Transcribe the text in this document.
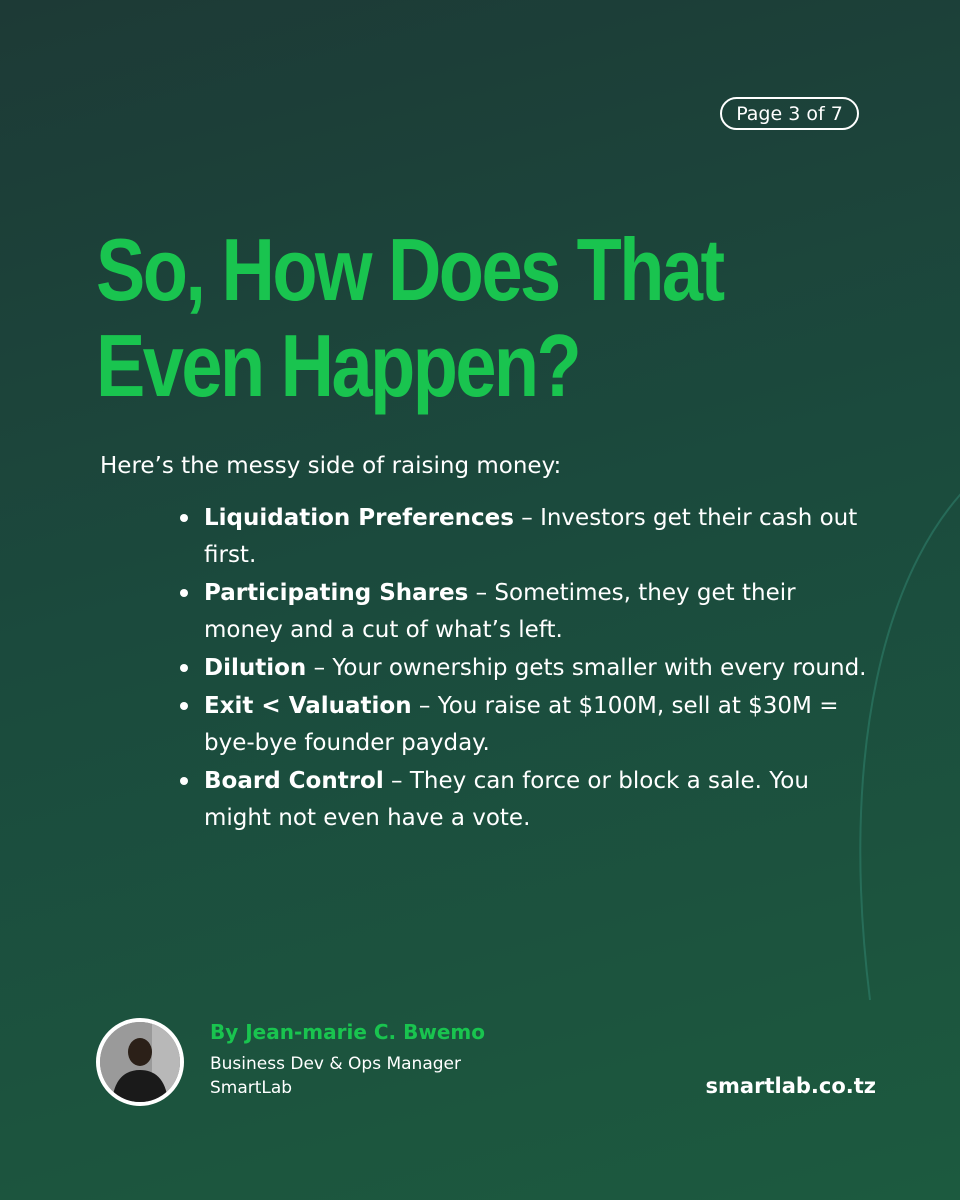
Page 3 of 7
So, How Does That
Even Happen?

Here’s the messy side of raising money:

Liquidation Preferences – Investors get their cash out first.
Participating Shares – Sometimes, they get their money and a cut of what’s left.
Dilution – Your ownership gets smaller with every round.
Exit < Valuation – You raise at $100M, sell at $30M = bye-bye founder payday.
Board Control – They can force or block a sale. You might not even have a vote.

By Jean-marie C. Bwemo

Business Dev & Ops Manager

SmartLab	smartlab.co.tz
